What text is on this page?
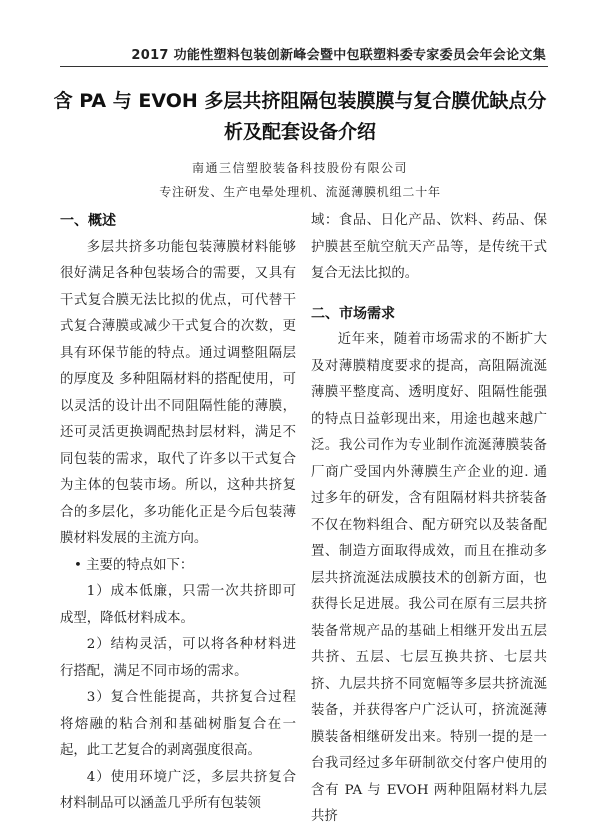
2017 功能性塑料包装创新峰会暨中包联塑料委专家委员会年会论文集
含 PA 与 EVOH 多层共挤阻隔包装膜膜与复合膜优缺点分
析及配套设备介绍

南通三信塑胶装备科技股份有限公司

专注研发、生产电晕处理机、流涎薄膜机组二十年

一、概述

多层共挤多功能包装薄膜材料能够很好满足各种包装场合的需要，又具有干式复合膜无法比拟的优点，可代替干式复合薄膜或减少干式复合的次数，更具有环保节能的特点。通过调整阻隔层的厚度及 多种阻隔材料的搭配使用，可以灵活的设计出不同阻隔性能的薄膜，还可灵活更换调配热封层材料，满足不同包装的需求，取代了许多以干式复合为主体的包装市场。所以，这种共挤复合的多层化，多功能化正是今后包装薄膜材料发展的主流方向。

• 主要的特点如下：

1）成本低廉，只需一次共挤即可成型，降低材料成本。

2）结构灵活，可以将各种材料进行搭配，满足不同市场的需求。

3）复合性能提高，共挤复合过程将熔融的粘合剂和基础树脂复合在一起，此工艺复合的剥离强度很高。

4）使用环境广泛，多层共挤复合材料制品可以涵盖几乎所有包装领

域：食品、日化产品、饮料、药品、保护膜甚至航空航天产品等，是传统干式复合无法比拟的。
二、市场需求

近年来，随着市场需求的不断扩大及对薄膜精度要求的提高，高阻隔流涎薄膜平整度高、透明度好、阻隔性能强的特点日益彰现出来，用途也越来越广泛。我公司作为专业制作流涎薄膜装备厂商广受国内外薄膜生产企业的迎. 通过多年的研发，含有阻隔材料共挤装备不仅在物料组合、配方研究以及装备配置、制造方面取得成效，而且在推动多层共挤流涎法成膜技术的创新方面，也获得长足进展。我公司在原有三层共挤装备常规产品的基础上相继开发出五层共挤、五层、七层互换共挤、七层共挤、九层共挤不同宽幅等多层共挤流涎装备，并获得客户广泛认可，挤流涎薄膜装备相继研发出来。特别一提的是一台我司经过多年研制欲交付客户使用的含有 PA 与 EVOH 两种阻隔材料九层共挤
